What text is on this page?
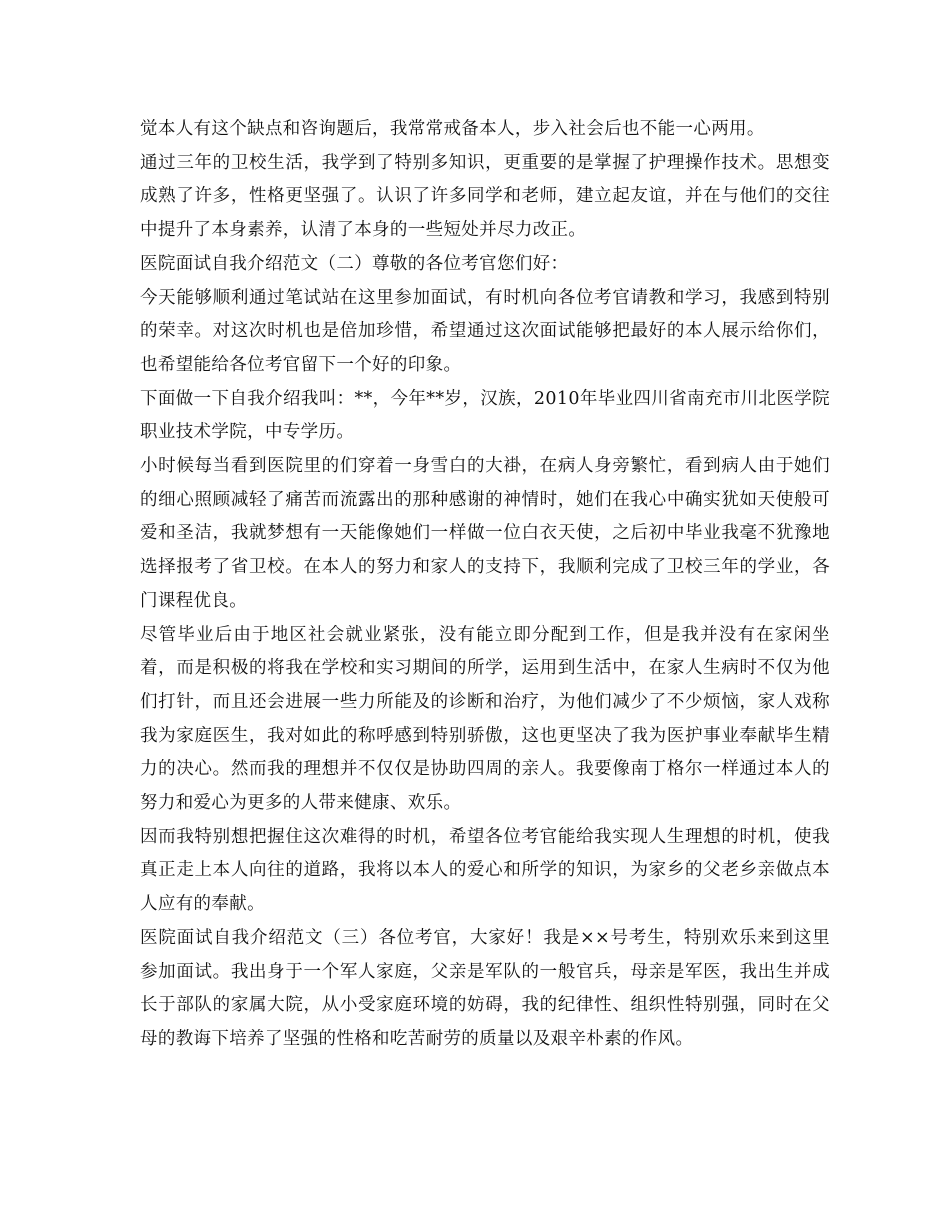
觉本人有这个缺点和咨询题后，我常常戒备本人，步入社会后也不能一心两用。

通过三年的卫校生活，我学到了特别多知识，更重要的是掌握了护理操作技术。思想变成熟了许多，性格更坚强了。认识了许多同学和老师，建立起友谊，并在与他们的交往中提升了本身素养，认清了本身的一些短处并尽力改正。

医院面试自我介绍范文（二）尊敬的各位考官您们好：

今天能够顺利通过笔试站在这里参加面试，有时机向各位考官请教和学习，我感到特别的荣幸。对这次时机也是倍加珍惜，希望通过这次面试能够把最好的本人展示给你们，也希望能给各位考官留下一个好的印象。

下面做一下自我介绍我叫：**，今年**岁，汉族，2010年毕业四川省南充市川北医学院职业技术学院，中专学历。

小时候每当看到医院里的们穿着一身雪白的大褂，在病人身旁繁忙，看到病人由于她们的细心照顾减轻了痛苦而流露出的那种感谢的神情时，她们在我心中确实犹如天使般可爱和圣洁，我就梦想有一天能像她们一样做一位白衣天使，之后初中毕业我毫不犹豫地选择报考了省卫校。在本人的努力和家人的支持下，我顺利完成了卫校三年的学业，各门课程优良。

尽管毕业后由于地区社会就业紧张，没有能立即分配到工作，但是我并没有在家闲坐着，而是积极的将我在学校和实习期间的所学，运用到生活中，在家人生病时不仅为他们打针，而且还会进展一些力所能及的诊断和治疗，为他们减少了不少烦恼，家人戏称我为家庭医生，我对如此的称呼感到特别骄傲，这也更坚决了我为医护事业奉献毕生精力的决心。然而我的理想并不仅仅是协助四周的亲人。我要像南丁格尔一样通过本人的努力和爱心为更多的人带来健康、欢乐。

因而我特别想把握住这次难得的时机，希望各位考官能给我实现人生理想的时机，使我真正走上本人向往的道路，我将以本人的爱心和所学的知识，为家乡的父老乡亲做点本人应有的奉献。

医院面试自我介绍范文（三）各位考官，大家好！我是××号考生，特别欢乐来到这里参加面试。我出身于一个军人家庭，父亲是军队的一般官兵，母亲是军医，我出生并成长于部队的家属大院，从小受家庭环境的妨碍，我的纪律性、组织性特别强，同时在父母的教诲下培养了坚强的性格和吃苦耐劳的质量以及艰辛朴素的作风。
